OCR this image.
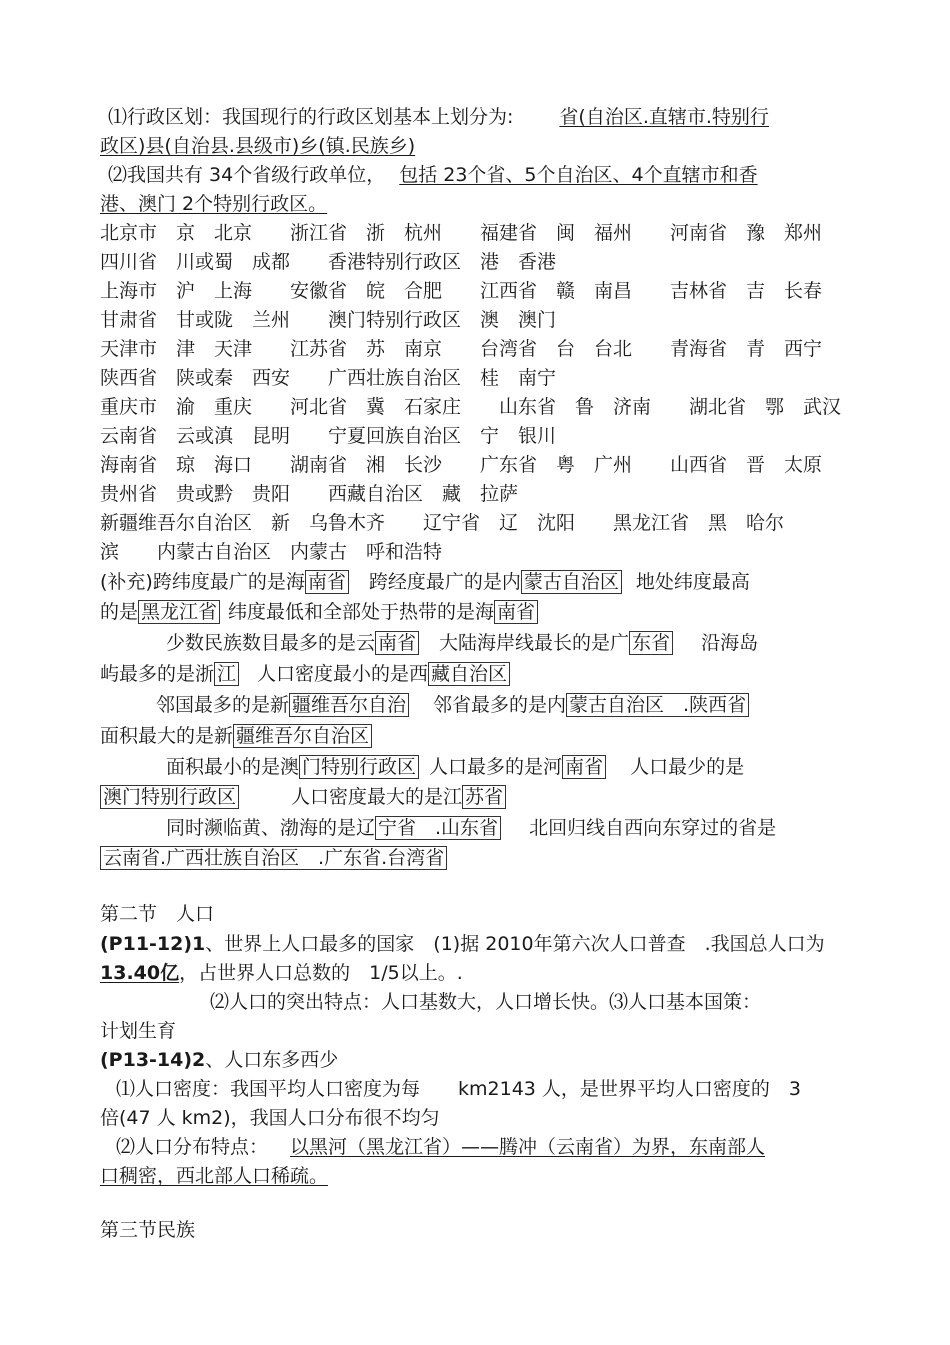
⑴行政区划：我国现行的行政区划基本上划分为: 省(自治区.直辖市.特别行
政区)县(自治县.县级市)乡(镇.民族乡)
⑵我国共有 34个省级行政单位， 包括 23个省、5个自治区、4个直辖市和香
港、澳门 2个特别行政区。
北京市　京　北京　　浙江省　浙　杭州　　福建省　闽　福州　　河南省　豫　郑州
四川省　川或蜀　成都　　香港特别行政区　港　香港
上海市　沪　上海　　安徽省　皖　合肥　　江西省　赣　南昌　　吉林省　吉　长春
甘肃省　甘或陇　兰州　　澳门特别行政区　澳　澳门
天津市　津　天津　　江苏省　苏　南京　　台湾省　台　台北　　青海省　青　西宁
陕西省　陕或秦　西安　　广西壮族自治区　桂　南宁
重庆市　渝　重庆　　河北省　冀　石家庄　　山东省　鲁　济南　　湖北省　鄂　武汉
云南省　云或滇　昆明　　宁夏回族自治区　宁　银川
海南省　琼　海口　　湖南省　湘　长沙　　广东省　粤　广州　　山西省　晋　太原
贵州省　贵或黔　贵阳　　西藏自治区　藏　拉萨
新疆维吾尔自治区　新　乌鲁木齐　　辽宁省　辽　沈阳　　黑龙江省　黑　哈尔
滨　　内蒙古自治区　内蒙古　呼和浩特
(补充)跨纬度最广的是海 南省 跨经度最广的是内 蒙古自治区 地处纬度最高
的是 黑龙江省 纬度最低和全部处于热带的是海 南省
少数民族数目最多的是云 南省 大陆海岸线最长的是广 东省 沿海岛
屿最多的是浙 江 人口密度最小的是西 藏自治区
邻国最多的是新 疆维吾尔自治 邻省最多的是内 蒙古自治区　.陕西省
面积最大的是新 疆维吾尔自治区
面积最小的是澳 门特别行政区 人口最多的是河 南省 人口最少的是
澳门特别行政区	人口密度最大的是江 苏省
同时濒临黄、渤海的是辽 宁省　.山东省 北回归线自西向东穿过的省是
云南省.广西壮族自治区　.广东省.台湾省
第二节　人口
(P11-12)1、世界上人口最多的国家　(1)据 2010年第六次人口普查　.我国总人口为
13.40亿，占世界人口总数的　1/5以上。.
⑵人口的突出特点：人口基数大，人口增长快。⑶人口基本国策：
计划生育
(P13-14)2、人口东多西少
⑴人口密度：我国平均人口密度为每　　km2143 人，是世界平均人口密度的　3
倍(47 人 km2)，我国人口分布很不均匀
⑵人口分布特点： 以黑河（黑龙江省）——腾冲（云南省）为界，东南部人
口稠密，西北部人口稀疏。
第三节民族
